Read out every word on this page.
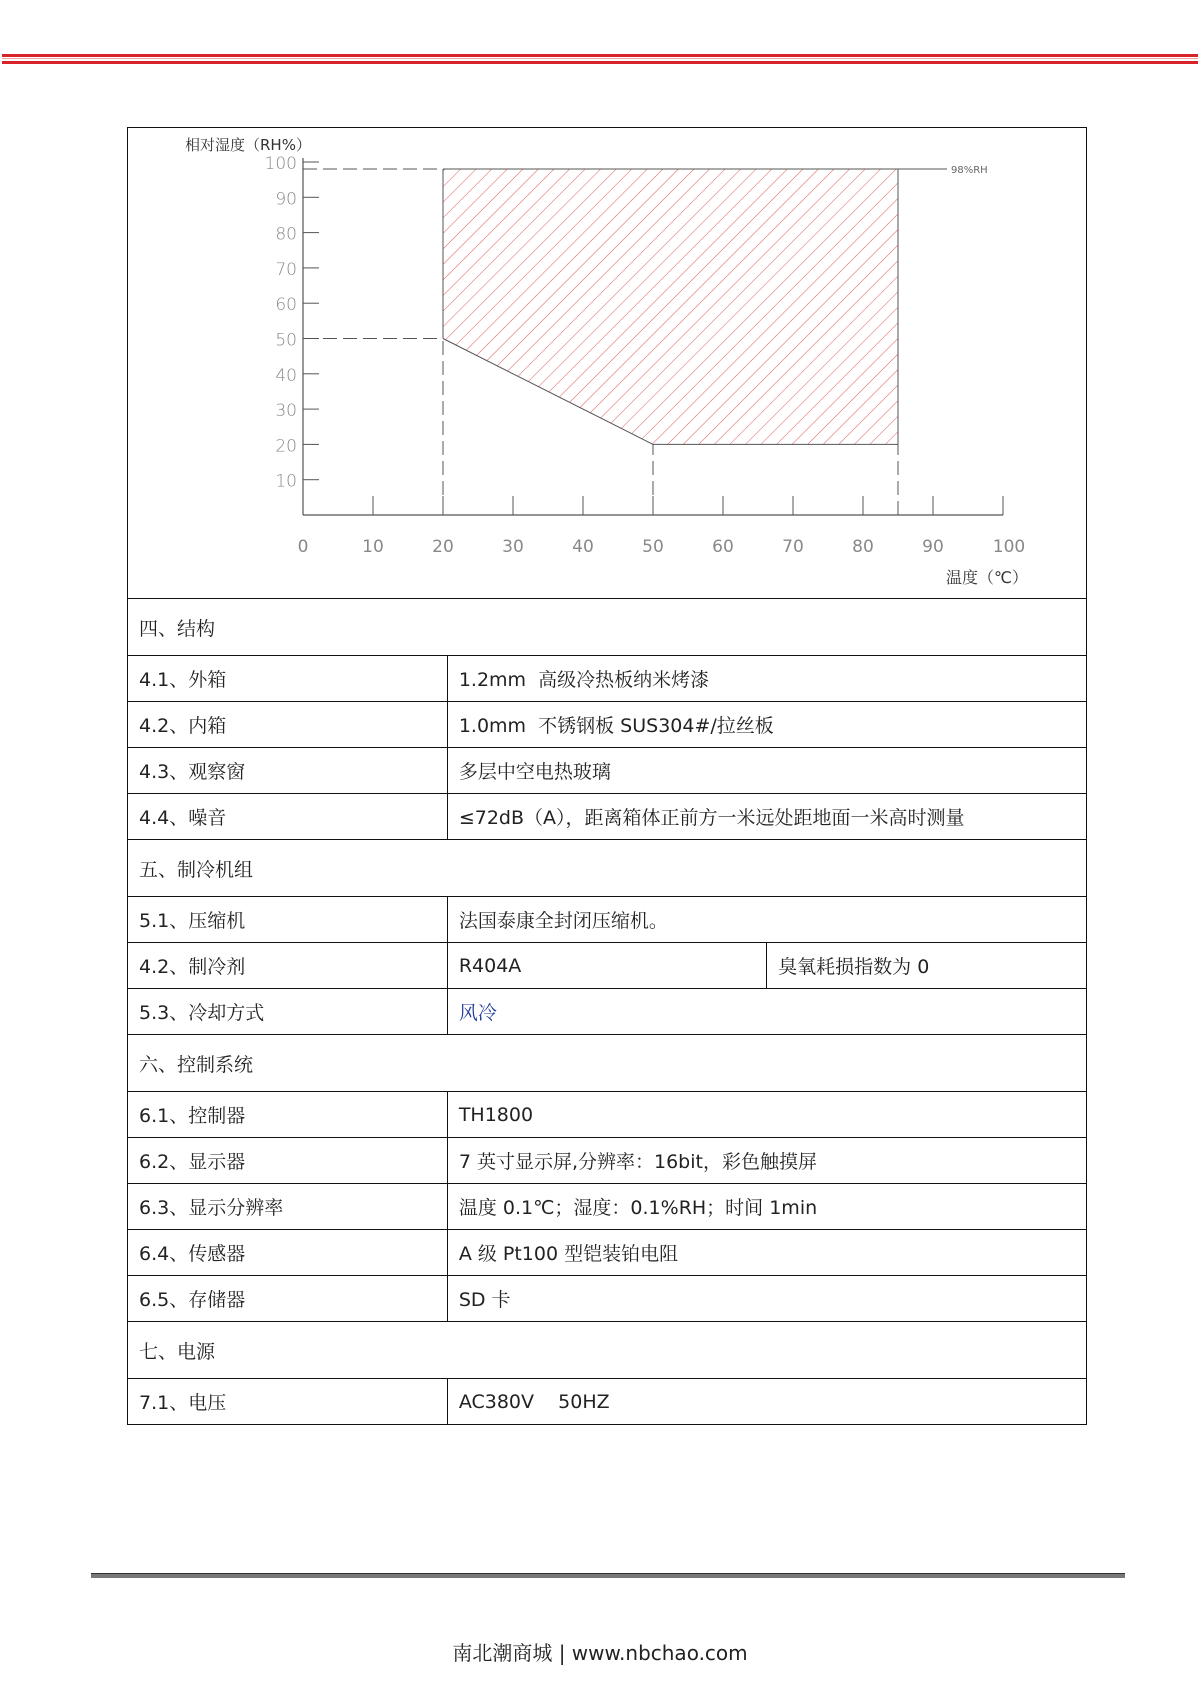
98%RH
10
20
30
40
50
60
70
80
90
100
0	10	20	30	40	50	60	70	80	90	100
相对湿度（RH%）
温度（℃）
四、结构		
4.1、外箱	1.2mm  高级冷热板纳米烤漆	
4.2、内箱	1.0mm  不锈钢板 SUS304#/拉丝板	
4.3、观察窗	多层中空电热玻璃	
4.4、噪音	≤72dB（A），距离箱体正前方一米远处距地面一米高时测量	
五、制冷机组		
5.1、压缩机	法国泰康全封闭压缩机。	
4.2、制冷剂	R404A	臭氧耗损指数为 0
5.3、冷却方式	风冷	
六、控制系统		
6.1、控制器	TH1800	
6.2、显示器	7 英寸显示屏,分辨率：16bit，彩色触摸屏	
6.3、显示分辨率	温度 0.1℃；湿度：0.1%RH；时间 1min	
6.4、传感器	A 级 Pt100 型铠装铂电阻	
6.5、存储器	SD 卡	
七、电源		
7.1、电压	AC380V    50HZ	
南北潮商城 | www.nbchao.com
